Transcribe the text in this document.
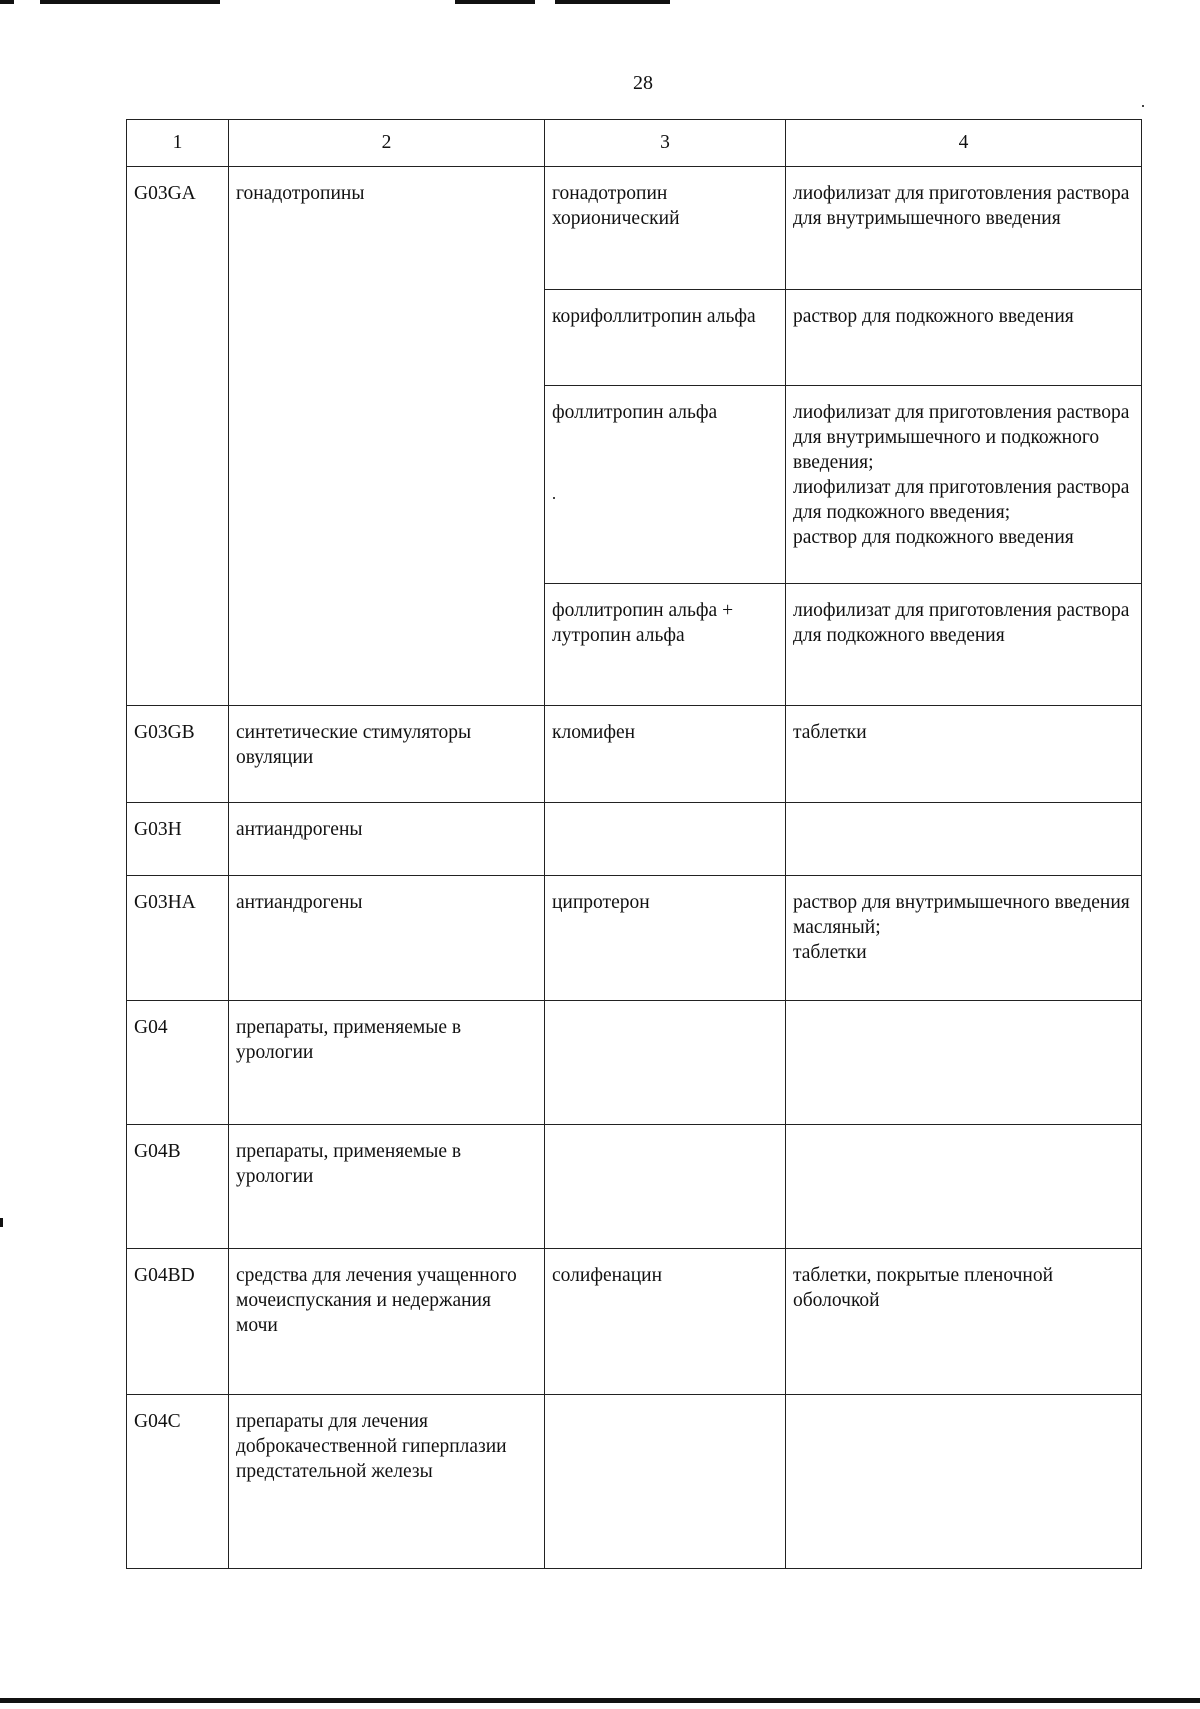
28
1	2	3	4
G03GA	гонадотропины	гонадотропин хорионический	лиофилизат для приготовления раствора для внутримышечного введения
		корифоллитропин альфа	раствор для подкожного введения
		фоллитропин альфа	лиофилизат для приготовления раствора для внутримышечного и подкожного введения;
лиофилизат для приготовления раствора для подкожного введения;
раствор для подкожного введения
		фоллитропин альфа + лутропин альфа	лиофилизат для приготовления раствора для подкожного введения
G03GB	синтетические стимуляторы овуляции	кломифен	таблетки
G03H	антиандрогены		
G03HA	антиандрогены	ципротерон	раствор для внутримышечного введения масляный;
таблетки
G04	препараты, применяемые в урологии		
G04B	препараты, применяемые в урологии		
G04BD	средства для лечения учащенного мочеиспускания и недержания мочи	солифенацин	таблетки, покрытые пленочной оболочкой
G04C	препараты для лечения доброкачественной гиперплазии предстательной железы		
